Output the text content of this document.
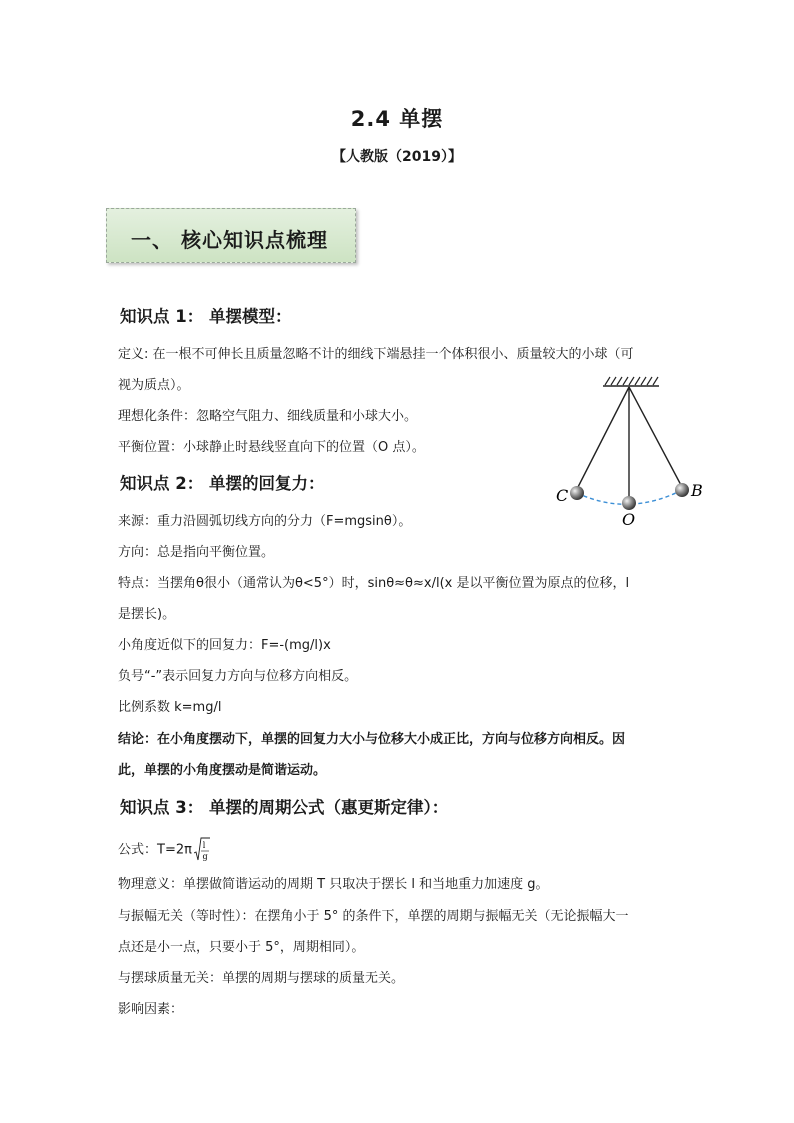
2.4 单摆
【人教版（2019）】
一、 核心知识点梳理
知识点 1： 单摆模型：
定义: 在一根不可伸长且质量忽略不计的细线下端悬挂一个体积很小、质量较大的小球（可
视为质点）。
理想化条件：忽略空气阻力、细线质量和小球大小。
平衡位置：小球静止时悬线竖直向下的位置（O 点）。
C
O
B
知识点 2： 单摆的回复力：
来源：重力沿圆弧切线方向的分力（F=mgsinθ）。
方向：总是指向平衡位置。
特点：当摆角θ很小（通常认为θ<5°）时，sinθ≈θ≈x/l(x 是以平衡位置为原点的位移，l
是摆长)。
小角度近似下的回复力：F=-(mg/l)x
负号“-”表示回复力方向与位移方向相反。
比例系数 k=mg/l
结论：在小角度摆动下，单摆的回复力大小与位移大小成正比，方向与位移方向相反。因
此，单摆的小角度摆动是简谐运动。
知识点 3： 单摆的周期公式（惠更斯定律）：
公式：T=2π l
g
物理意义：单摆做简谐运动的周期 T 只取决于摆长 l 和当地重力加速度 g。
与振幅无关（等时性）：在摆角小于 5° 的条件下，单摆的周期与振幅无关（无论振幅大一
点还是小一点，只要小于 5°，周期相同）。
与摆球质量无关：单摆的周期与摆球的质量无关。
影响因素：
